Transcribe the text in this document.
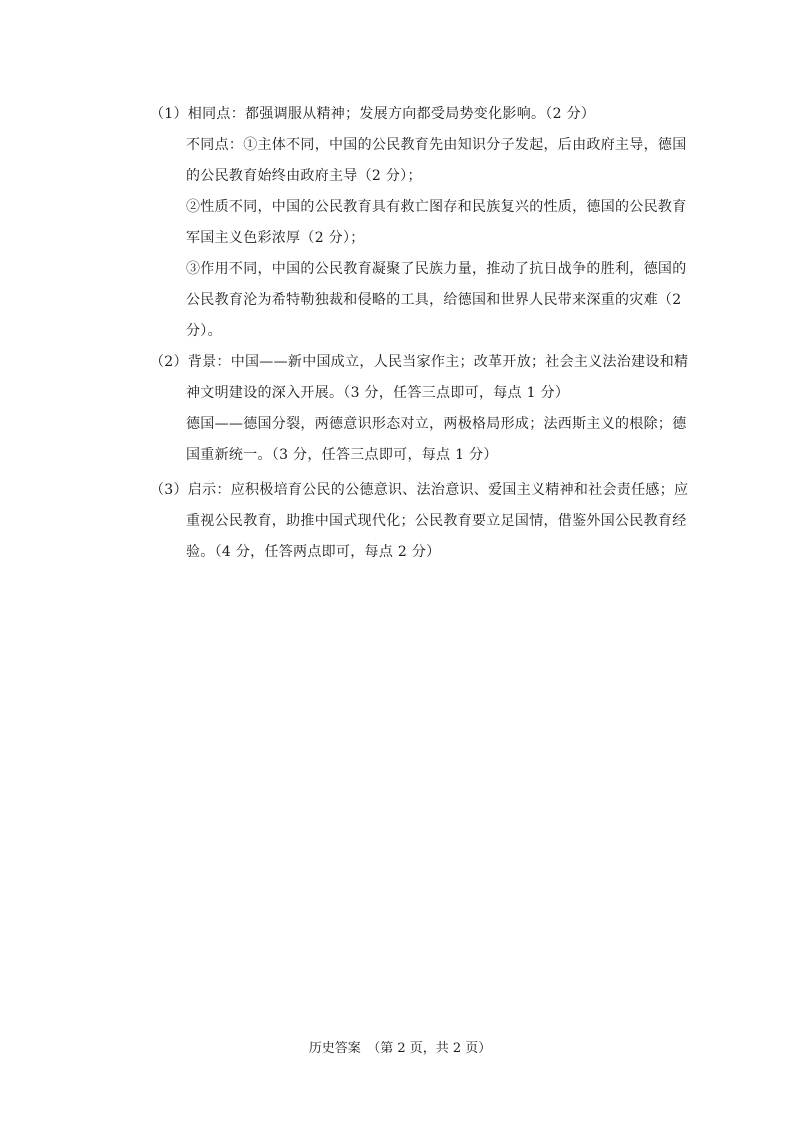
（1）相同点：都强调服从精神；发展方向都受局势变化影响。（2 分）
不同点：①主体不同，中国的公民教育先由知识分子发起，后由政府主导，德国
的公民教育始终由政府主导（2 分）；
②性质不同，中国的公民教育具有救亡图存和民族复兴的性质，德国的公民教育
军国主义色彩浓厚（2 分）；
③作用不同，中国的公民教育凝聚了民族力量，推动了抗日战争的胜利，德国的
公民教育沦为希特勒独裁和侵略的工具，给德国和世界人民带来深重的灾难（2
分）。
（2）背景：中国——新中国成立，人民当家作主；改革开放；社会主义法治建设和精
神文明建设的深入开展。（3 分，任答三点即可，每点 1 分）
德国——德国分裂，两德意识形态对立，两极格局形成；法西斯主义的根除；德
国重新统一。（3 分，任答三点即可，每点 1 分）
（3）启示：应积极培育公民的公德意识、法治意识、爱国主义精神和社会责任感；应
重视公民教育，助推中国式现代化；公民教育要立足国情，借鉴外国公民教育经
验。（4 分，任答两点即可，每点 2 分）
历史答案　（第 2 页，共 2 页）
